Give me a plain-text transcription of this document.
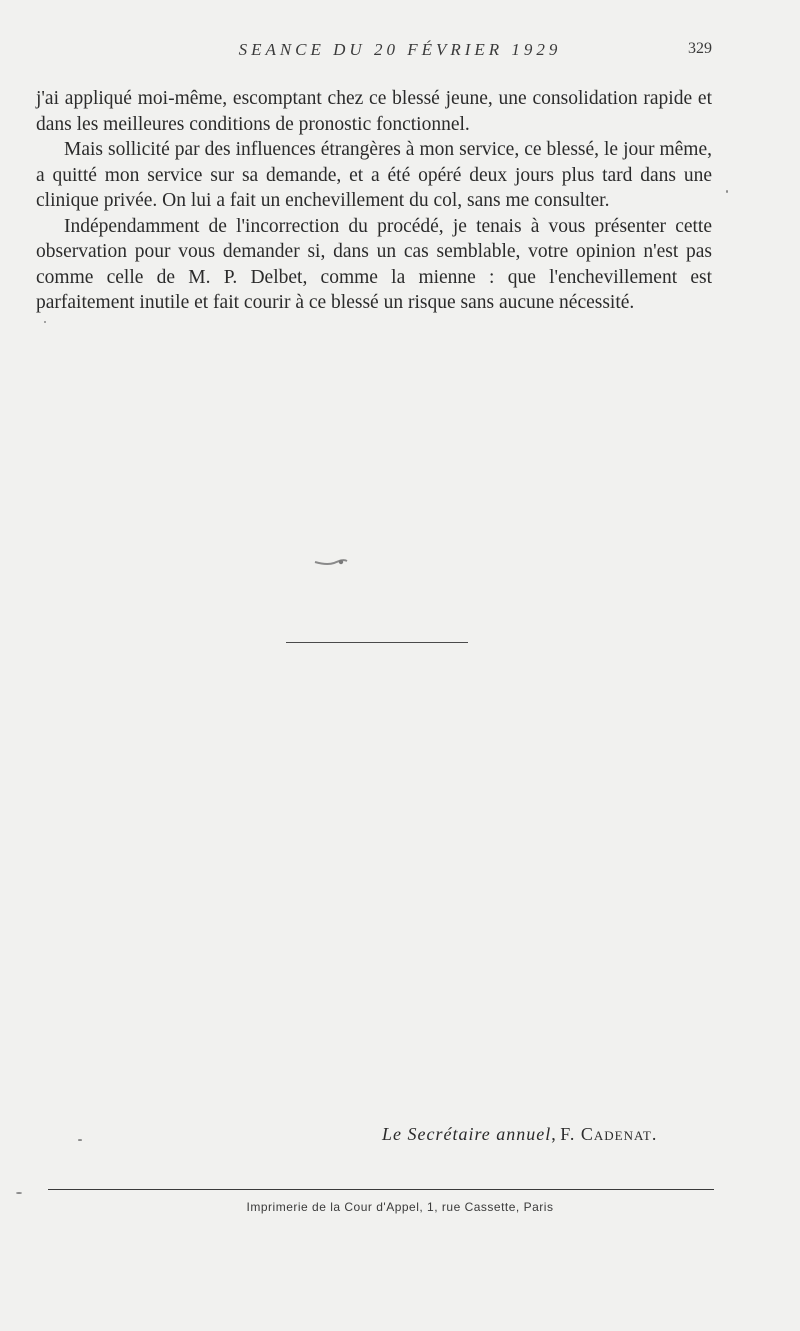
SEANCE DU 20 FÉVRIER 1929	329

j'ai appliqué moi-même, escomptant chez ce blessé jeune, une consolidation rapide et dans les meilleures conditions de pronostic fonctionnel.

Mais sollicité par des influences étrangères à mon service, ce blessé, le jour même, a quitté mon service sur sa demande, et a été opéré deux jours plus tard dans une clinique privée. On lui a fait un enchevillement du col, sans me consulter.

Indépendamment de l'incorrection du procédé, je tenais à vous présenter cette observation pour vous demander si, dans un cas semblable, votre opinion n'est pas comme celle de M. P. Delbet, comme la mienne : que l'enchevillement est parfaitement inutile et fait courir à ce blessé un risque sans aucune nécessité.

Le Secrétaire annuel, F. Cadenat.
Imprimerie de la Cour d'Appel, 1, rue Cassette, Paris
